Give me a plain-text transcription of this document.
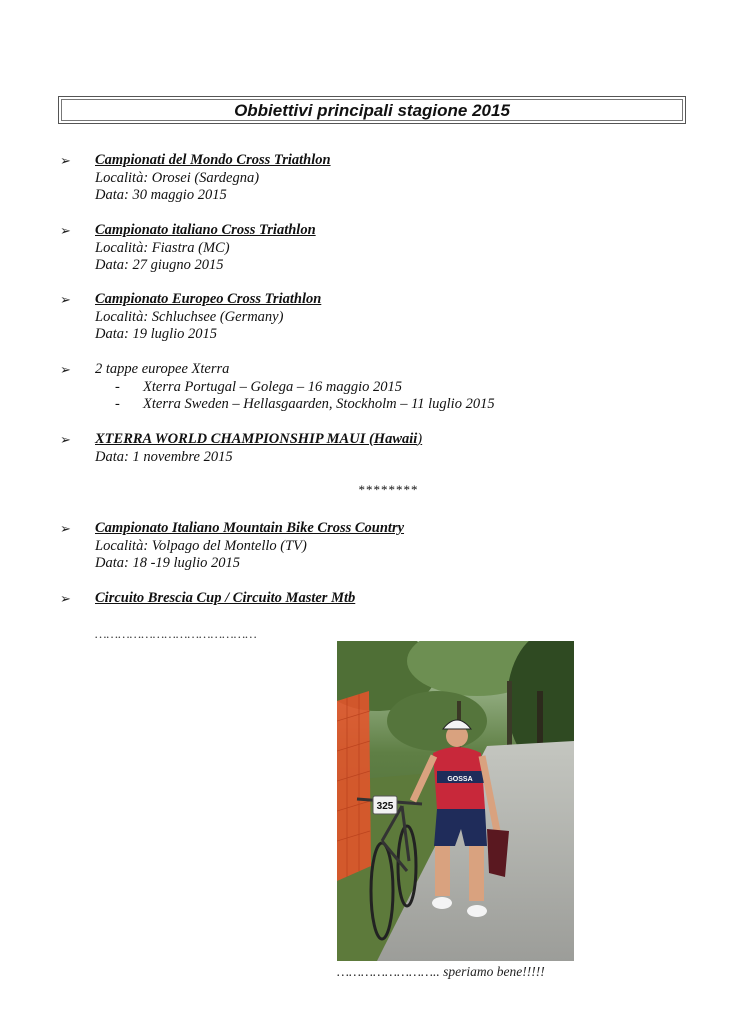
Obbiettivi principali stagione 2015
➢ Campionati del Mondo Cross Triathlon
Località: Orosei (Sardegna)
Data: 30 maggio 2015
➢ Campionato italiano Cross Triathlon
Località: Fiastra (MC)
Data: 27 giugno 2015
➢ Campionato Europeo Cross Triathlon
Località: Schluchsee (Germany)
Data: 19 luglio 2015
➢ 2 tappe europee Xterra
- Xterra Portugal – Golega – 16 maggio 2015
- Xterra Sweden – Hellasgaarden, Stockholm – 11 luglio 2015
➢ XTERRA WORLD CHAMPIONSHIP MAUI (Hawaii)
Data: 1 novembre 2015
********
➢ Campionato Italiano Mountain Bike Cross Country
Località: Volpago del Montello (TV)
Data: 18 -19 luglio 2015
➢ Circuito Brescia Cup / Circuito Master Mtb
……………………………………
325
GOSSA
…………………….. speriamo bene!!!!!
